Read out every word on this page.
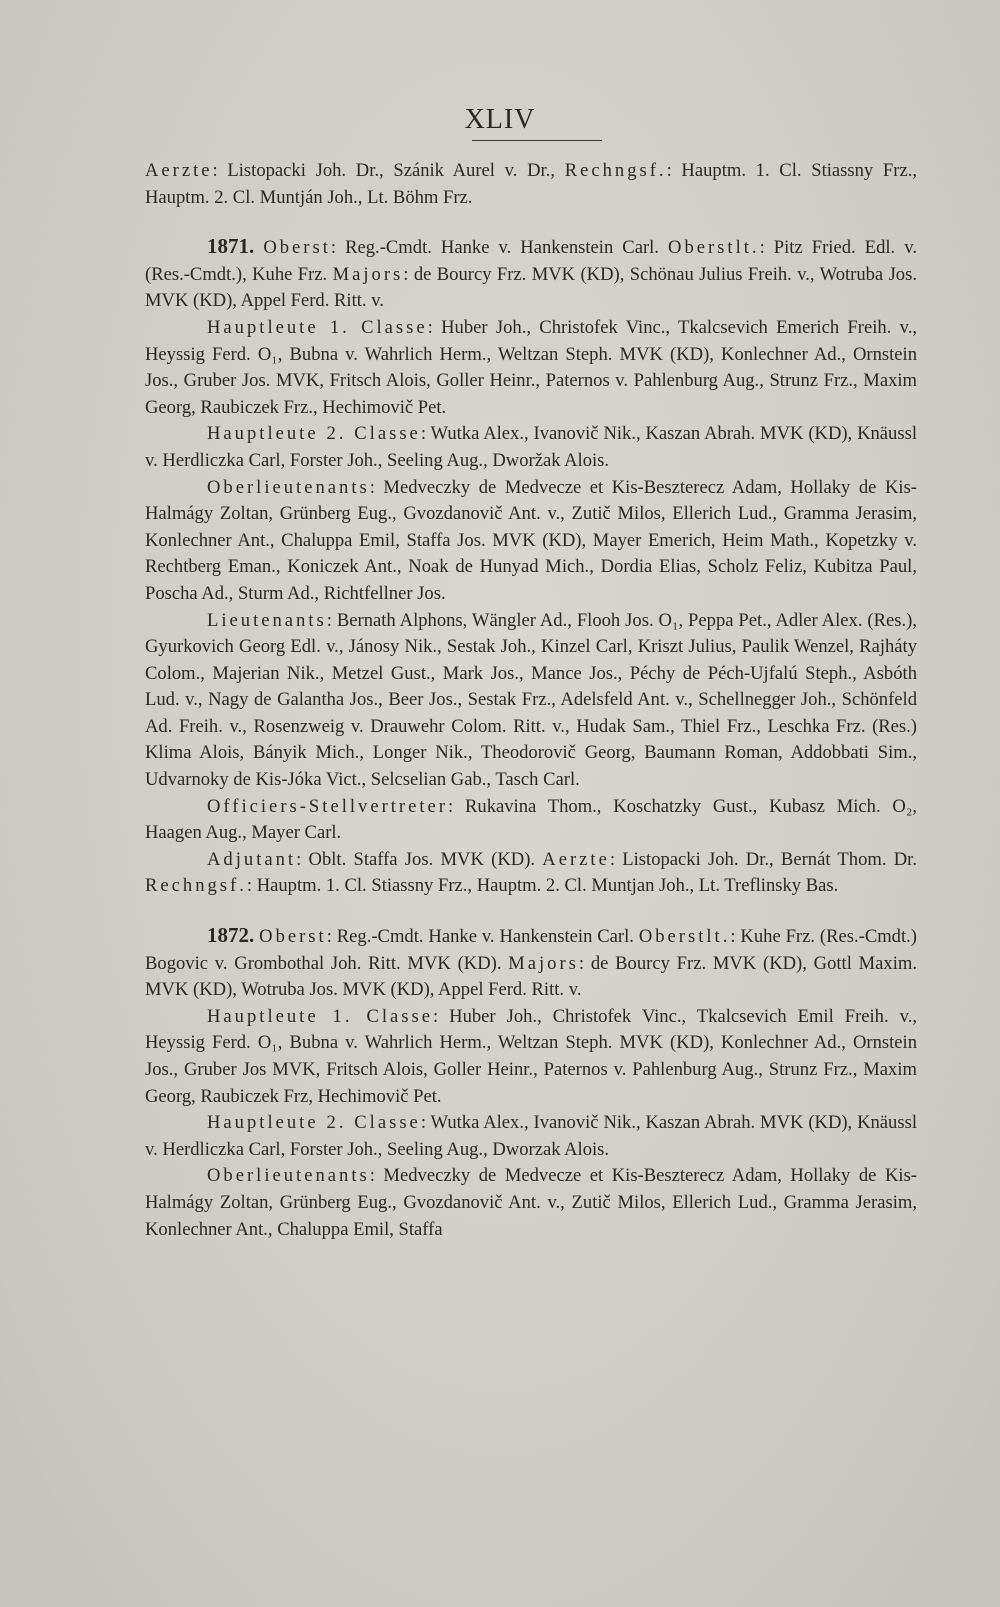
XLIV

Aerzte: Listopacki Joh. Dr., Szánik Aurel v. Dr., Rechngsf.: Hauptm. 1. Cl. Stiassny Frz., Hauptm. 2. Cl. Muntján Joh., Lt. Böhm Frz.

1871. Oberst: Reg.-Cmdt. Hanke v. Hankenstein Carl. Oberstlt.: Pitz Fried. Edl. v. (Res.-Cmdt.), Kuhe Frz. Majors: de Bourcy Frz. MVK (KD), Schönau Julius Freih. v., Wotruba Jos. MVK (KD), Appel Ferd. Ritt. v.

Hauptleute 1. Classe: Huber Joh., Christofek Vinc., Tkalcsevich Emerich Freih. v., Heyssig Ferd. O₁, Bubna v. Wahrlich Herm., Weltzan Steph. MVK (KD), Konlechner Ad., Ornstein Jos., Gruber Jos. MVK, Fritsch Alois, Goller Heinr., Paternos v. Pahlenburg Aug., Strunz Frz., Maxim Georg, Raubiczek Frz., Hechimovič Pet.

Hauptleute 2. Classe: Wutka Alex., Ivanovič Nik., Kaszan Abrah. MVK (KD), Knäussl v. Herdliczka Carl, Forster Joh., Seeling Aug., Dworžak Alois.

Oberlieutenants: Medveczky de Medvecze et Kis-Beszterecz Adam, Hollaky de Kis-Halmágy Zoltan, Grünberg Eug., Gvozdanovič Ant. v., Zutič Milos, Ellerich Lud., Gramma Jerasim, Konlechner Ant., Chaluppa Emil, Staffa Jos. MVK (KD), Mayer Emerich, Heim Math., Kopetzky v. Rechtberg Eman., Koniczek Ant., Noak de Hunyad Mich., Dordia Elias, Scholz Feliz, Kubitza Paul, Poscha Ad., Sturm Ad., Richtfellner Jos.

Lieutenants: Bernath Alphons, Wängler Ad., Flooh Jos. O₁, Peppa Pet., Adler Alex. (Res.), Gyurkovich Georg Edl. v., Jánosy Nik., Sestak Joh., Kinzel Carl, Kriszt Julius, Paulik Wenzel, Rajháty Colom., Majerian Nik., Metzel Gust., Mark Jos., Mance Jos., Péchy de Péch-Ujfalú Steph., Asbóth Lud. v., Nagy de Galantha Jos., Beer Jos., Sestak Frz., Adelsfeld Ant. v., Schellnegger Joh., Schönfeld Ad. Freih. v., Rosenzweig v. Drauwehr Colom. Ritt. v., Hudak Sam., Thiel Frz., Leschka Frz. (Res.) Klima Alois, Bányik Mich., Longer Nik., Theodorovič Georg, Baumann Roman, Addobbati Sim., Udvarnoky de Kis-Jóka Vict., Selcselian Gab., Tasch Carl.

Officiers-Stellvertreter: Rukavina Thom., Koschatzky Gust., Kubasz Mich. O₂, Haagen Aug., Mayer Carl.

Adjutant: Oblt. Staffa Jos. MVK (KD). Aerzte: Listopacki Joh. Dr., Bernát Thom. Dr. Rechngsf.: Hauptm. 1. Cl. Stiassny Frz., Hauptm. 2. Cl. Muntjan Joh., Lt. Treflinsky Bas.

1872. Oberst: Reg.-Cmdt. Hanke v. Hankenstein Carl. Oberstlt.: Kuhe Frz. (Res.-Cmdt.) Bogovic v. Grombothal Joh. Ritt. MVK (KD). Majors: de Bourcy Frz. MVK (KD), Gottl Maxim. MVK (KD), Wotruba Jos. MVK (KD), Appel Ferd. Ritt. v.

Hauptleute 1. Classe: Huber Joh., Christofek Vinc., Tkalcsevich Emil Freih. v., Heyssig Ferd. O₁, Bubna v. Wahrlich Herm., Weltzan Steph. MVK (KD), Konlechner Ad., Ornstein Jos., Gruber Jos MVK, Fritsch Alois, Goller Heinr., Paternos v. Pahlenburg Aug., Strunz Frz., Maxim Georg, Raubiczek Frz, Hechimovič Pet.

Hauptleute 2. Classe: Wutka Alex., Ivanovič Nik., Kaszan Abrah. MVK (KD), Knäussl v. Herdliczka Carl, Forster Joh., Seeling Aug., Dworzak Alois.

Oberlieutenants: Medveczky de Medvecze et Kis-Beszterecz Adam, Hollaky de Kis-Halmágy Zoltan, Grünberg Eug., Gvozdanovič Ant. v., Zutič Milos, Ellerich Lud., Gramma Jerasim, Konlechner Ant., Chaluppa Emil, Staffa
